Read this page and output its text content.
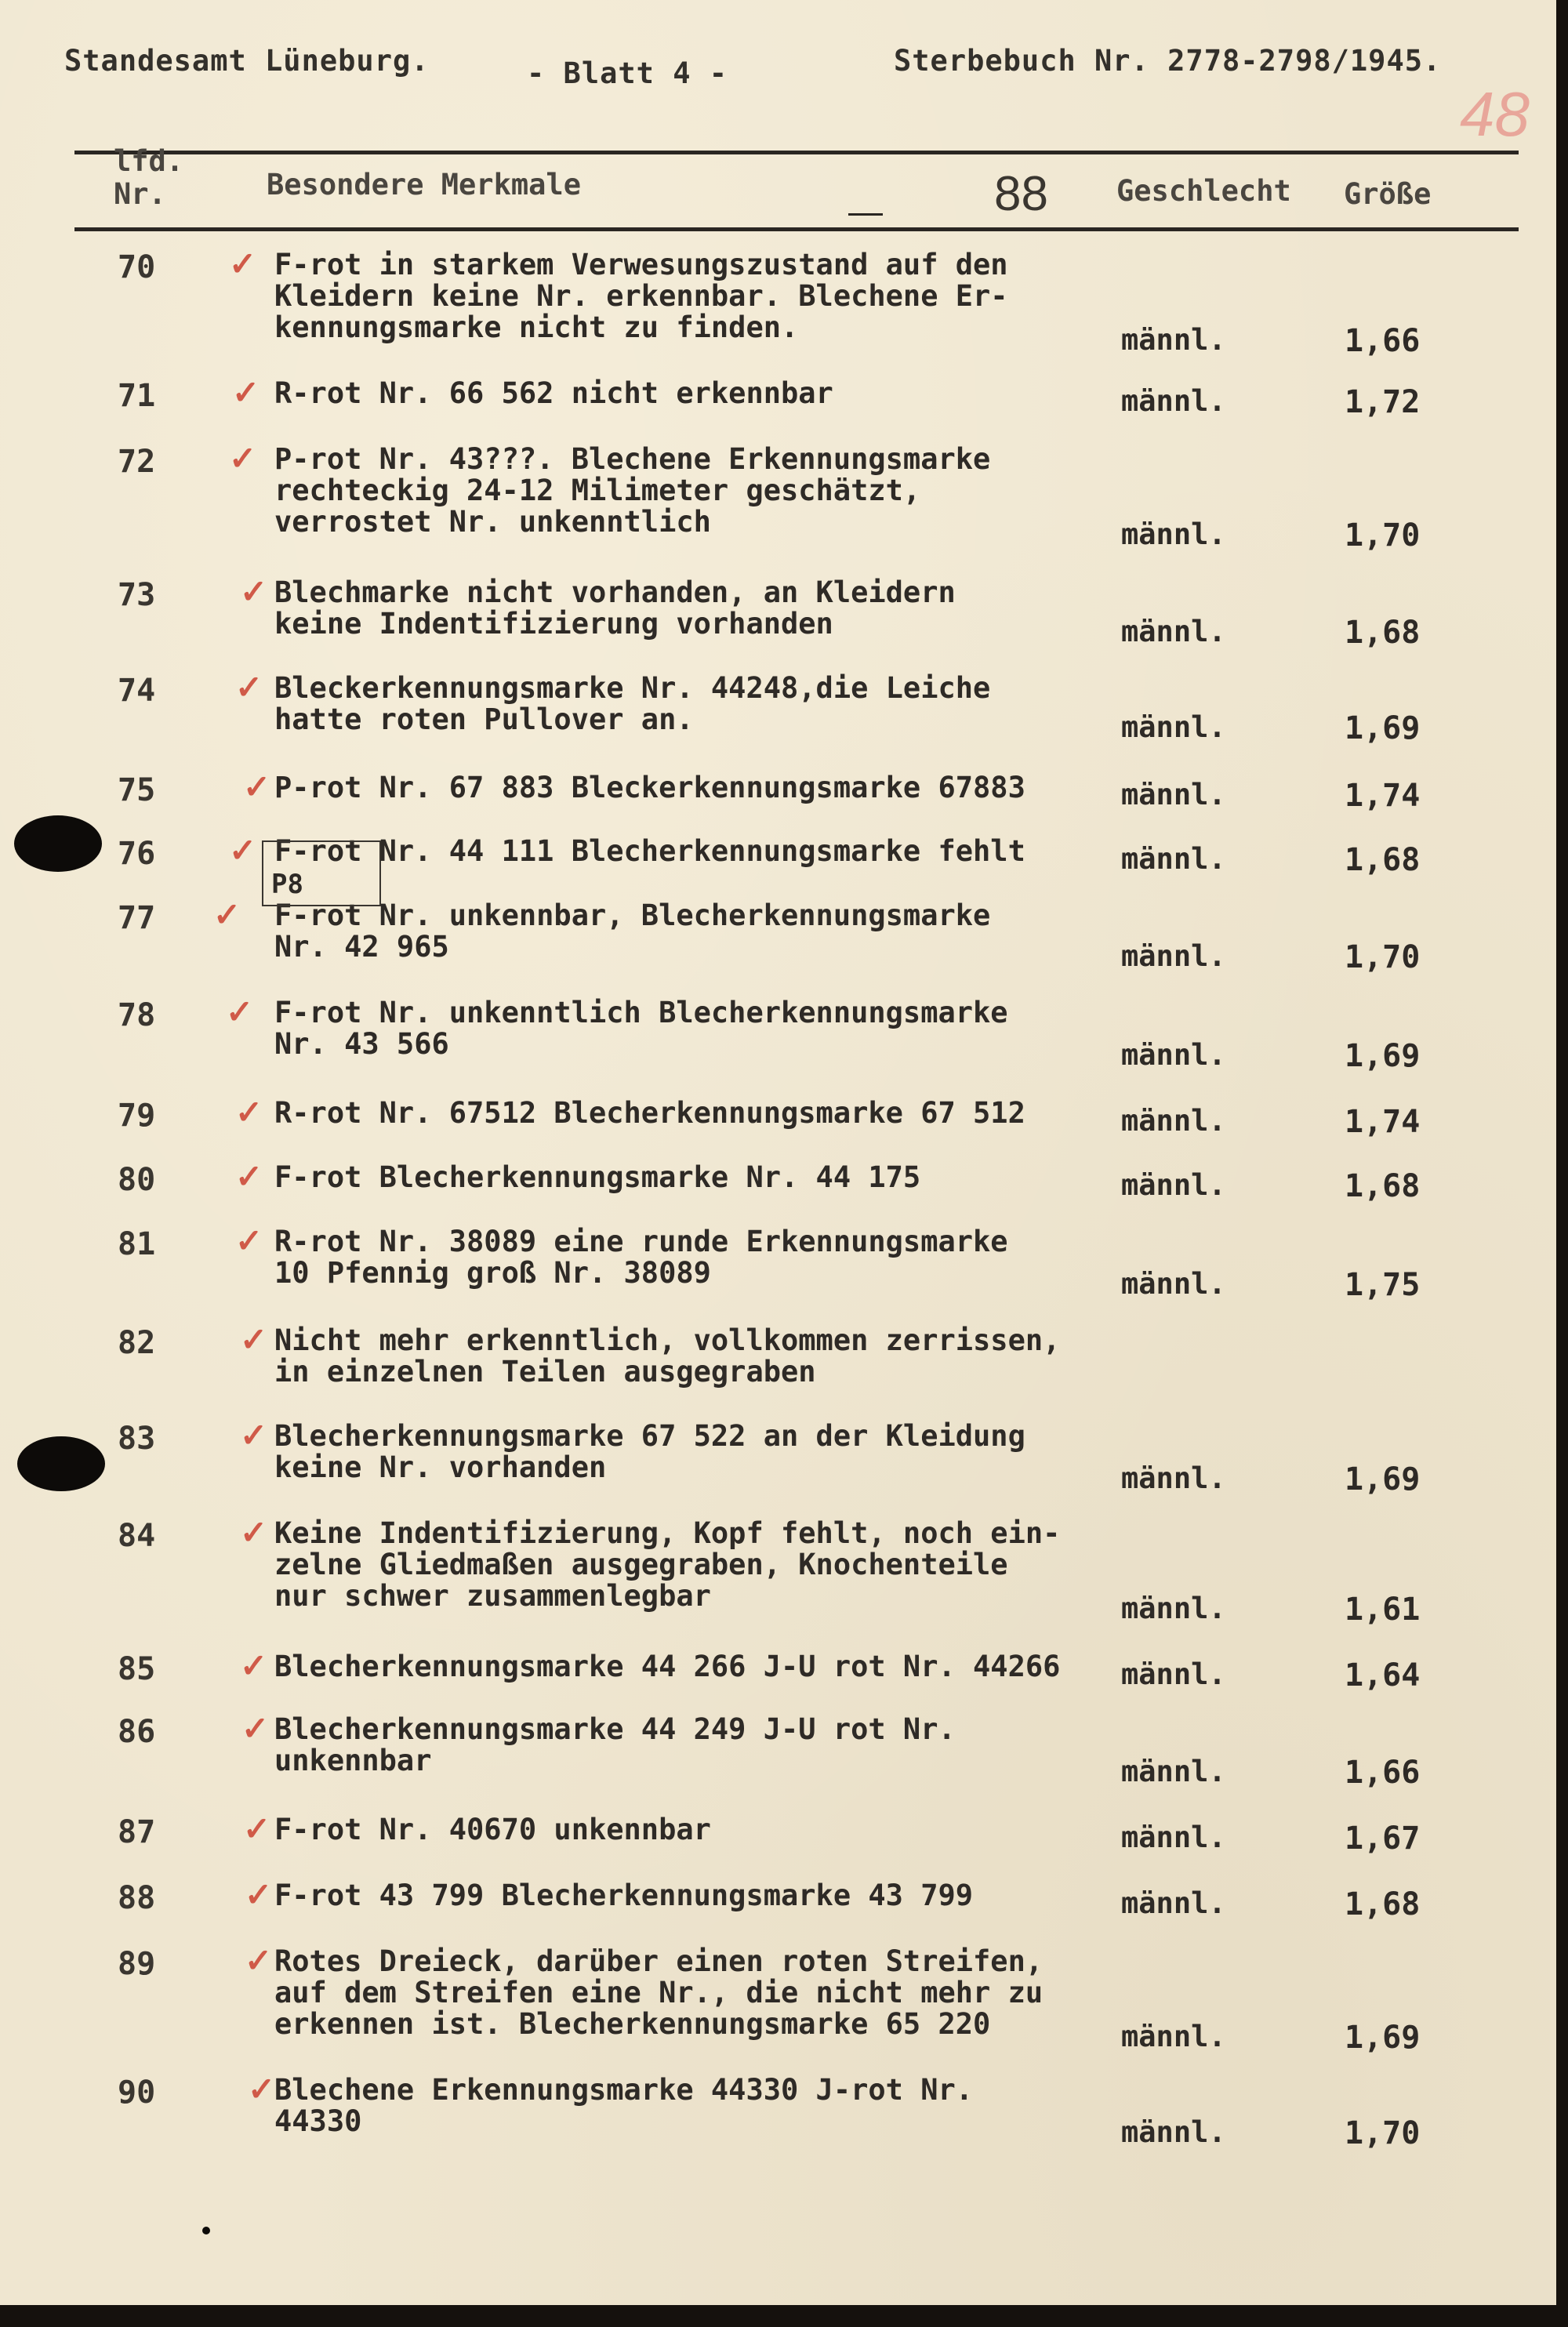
Standesamt Lüneburg.	- Blatt 4 -	Sterbebuch Nr. 2778-2798/1945.
48
lfd.
Nr.	Besondere Merkmale	88 Geschlecht Größe
70	✓ F-rot in starkem Verwesungszustand auf den
Kleidern keine Nr. erkennbar. Blechene Er-
kennungsmarke nicht zu finden.	männl.	1,66
71	✓ R-rot Nr. 66 562 nicht erkennbar	männl.	1,72
72	✓ P-rot Nr. 43???. Blechene Erkennungsmarke
rechteckig 24-12 Milimeter geschätzt,
verrostet Nr. unkenntlich	männl.	1,70
73	✓ Blechmarke nicht vorhanden, an Kleidern
keine Indentifizierung vorhanden	männl.	1,68
74	✓ Bleckerkennungsmarke Nr. 44248,die Leiche
hatte roten Pullover an.	männl.	1,69
75	✓ P-rot Nr. 67 883 Bleckerkennungsmarke 67883	männl.	1,74
76	✓ F-rot Nr. 44 111 Blecherkennungsmarke fehlt	männl.	1,68
77	✓ F-rot Nr. unkennbar, Blecherkennungsmarke
Nr. 42 965	männl.	1,70
78	✓ F-rot Nr. unkenntlich Blecherkennungsmarke
Nr. 43 566	männl.	1,69
79	✓ R-rot Nr. 67512 Blecherkennungsmarke 67 512	männl.	1,74
80	✓ F-rot Blecherkennungsmarke Nr. 44 175	männl.	1,68
81	✓ R-rot Nr. 38089 eine runde Erkennungsmarke
10 Pfennig groß Nr. 38089	männl.	1,75
82	✓ Nicht mehr erkenntlich, vollkommen zerrissen,
in einzelnen Teilen ausgegraben
83	✓ Blecherkennungsmarke 67 522 an der Kleidung
keine Nr. vorhanden	männl.	1,69
84	✓ Keine Indentifizierung, Kopf fehlt, noch ein-
zelne Gliedmaßen ausgegraben, Knochenteile
nur schwer zusammenlegbar	männl.	1,61
85	✓ Blecherkennungsmarke 44 266 J-U rot Nr. 44266 männl.	1,64
86	✓ Blecherkennungsmarke 44 249 J-U rot Nr.
unkennbar	männl.	1,66
87	✓ F-rot Nr. 40670 unkennbar	männl.	1,67
88	✓ F-rot 43 799 Blecherkennungsmarke 43 799	männl.	1,68
89	✓ Rotes Dreieck, darüber einen roten Streifen,
auf dem Streifen eine Nr., die nicht mehr zu
erkennen ist. Blecherkennungsmarke 65 220	männl.	1,69
90	✓
Blechene Erkennungsmarke 44330 J-rot Nr.
44330	männl.	1,70
P8
